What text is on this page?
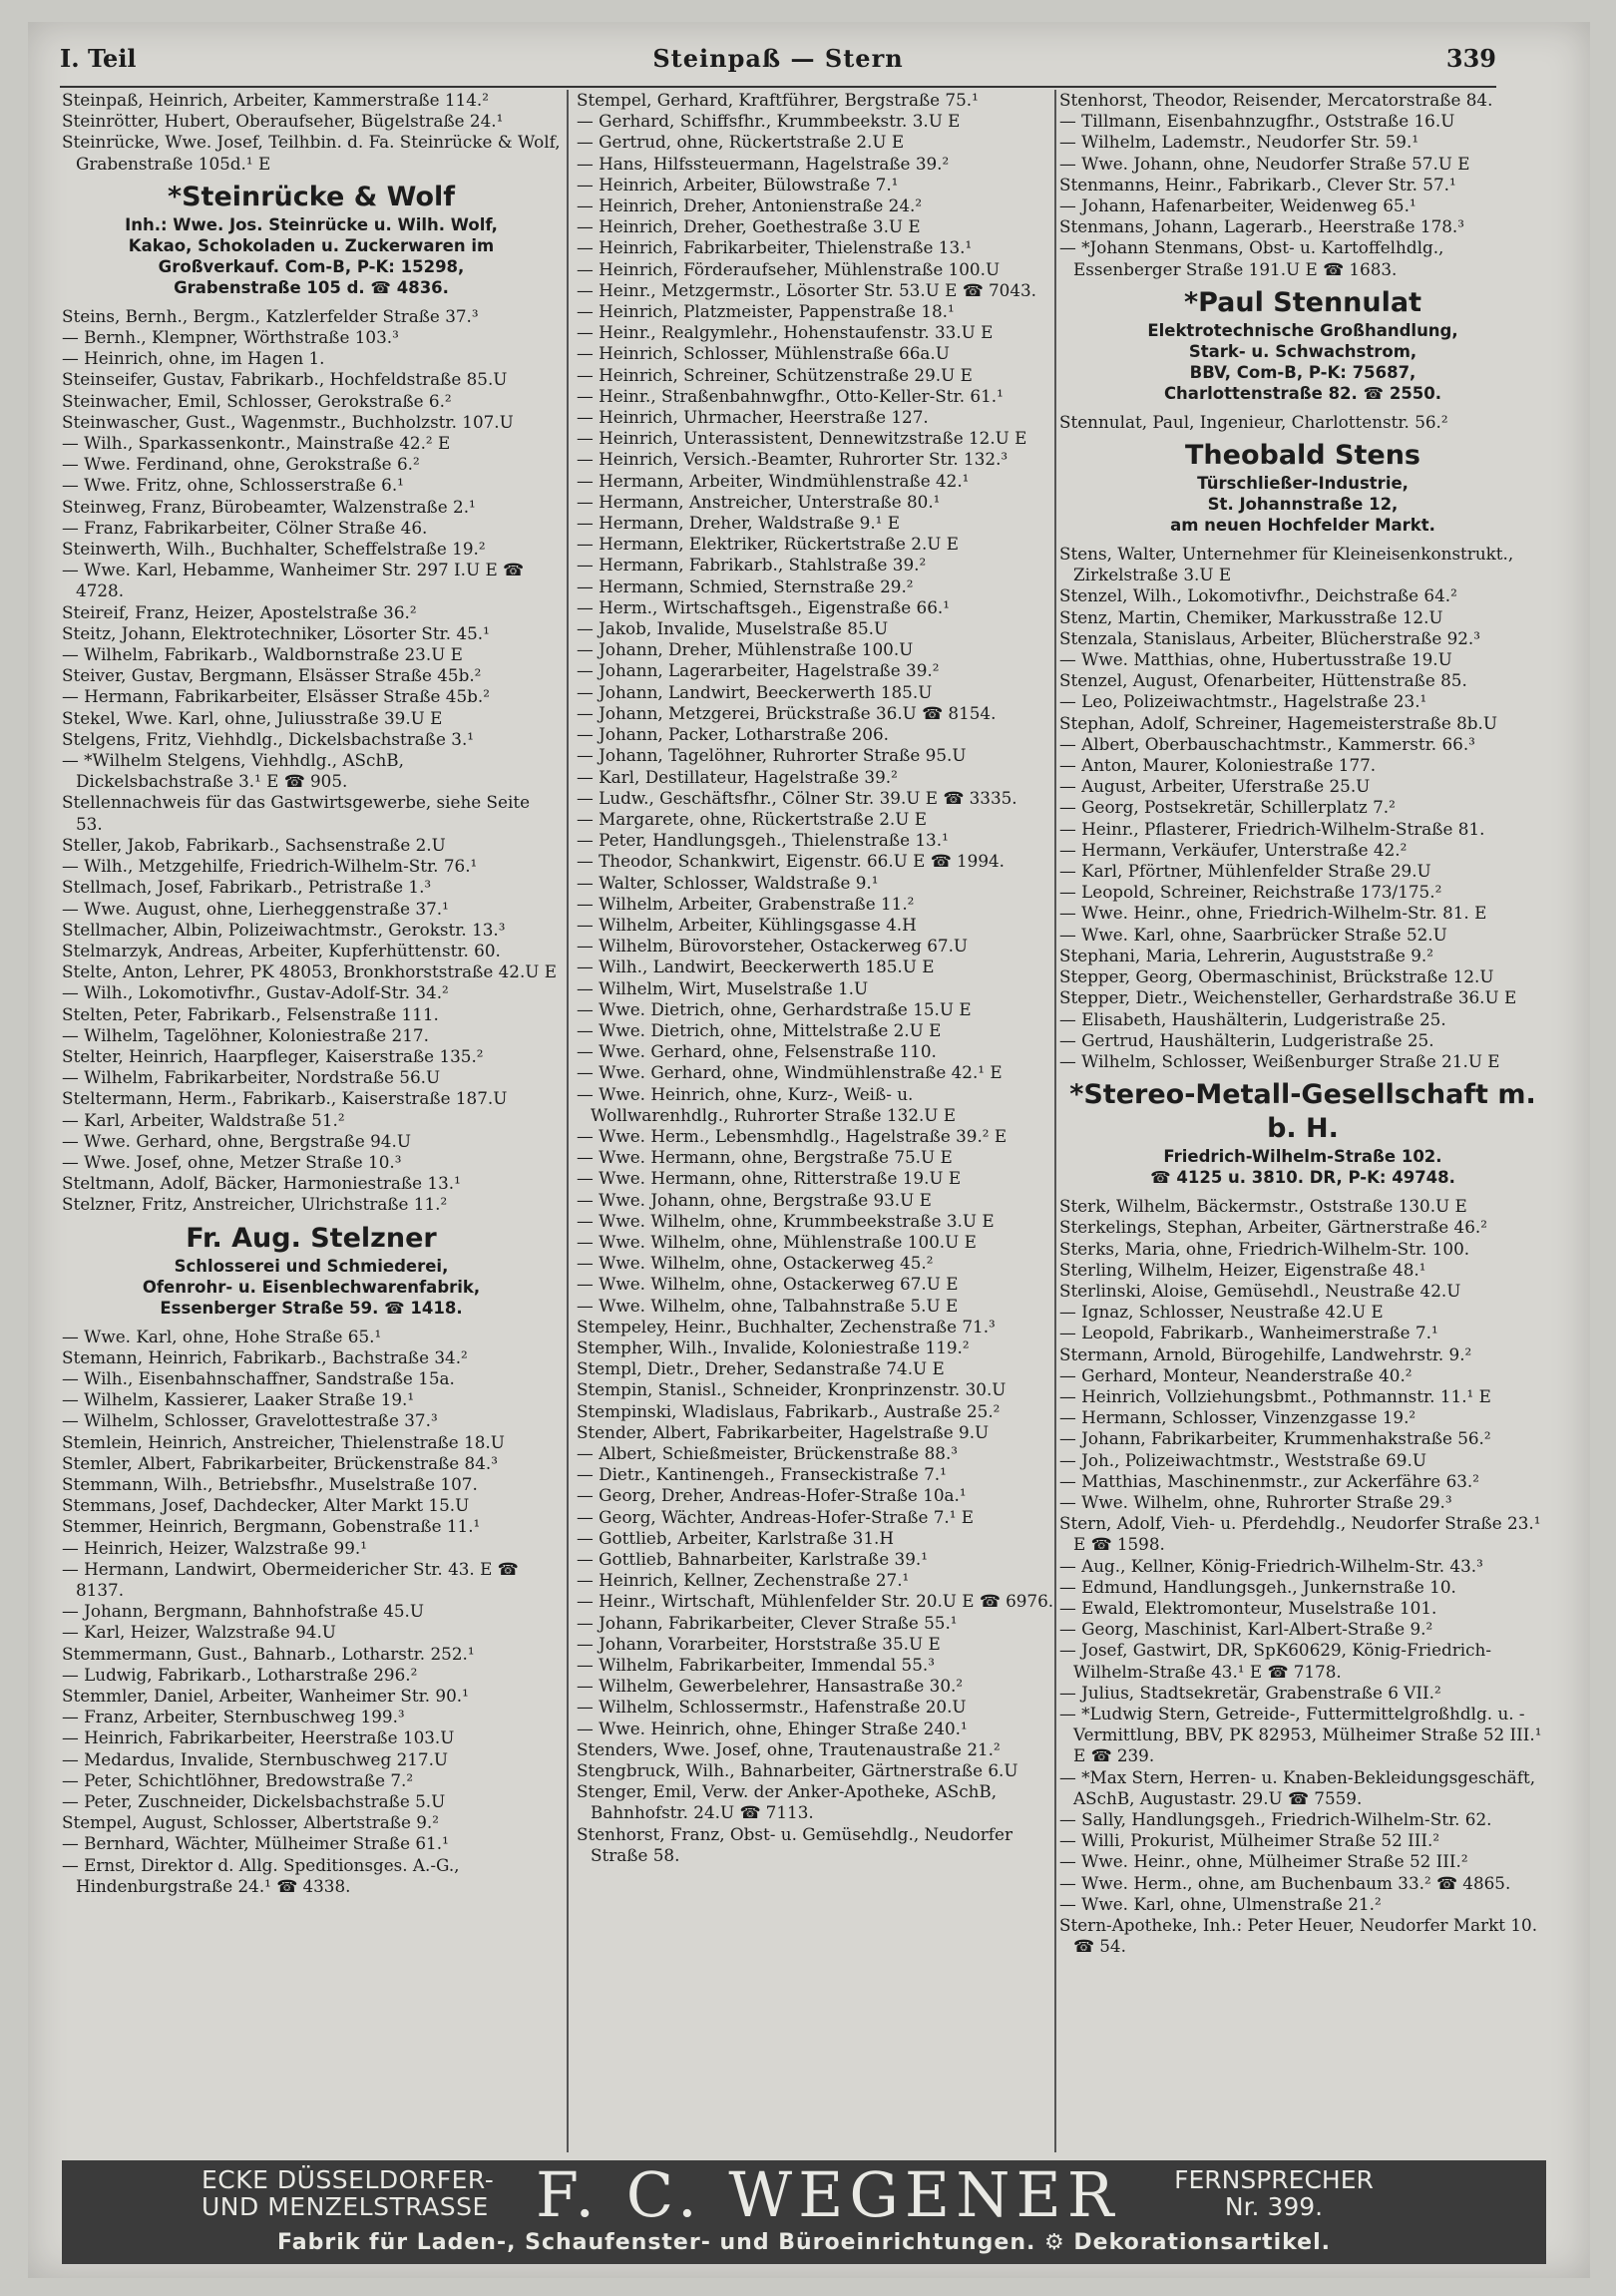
I. Teil	Steinpaß — Stern	339

Steinpaß, Heinrich, Arbeiter, Kammerstraße 114.²

Steinrötter, Hubert, Oberaufseher, Bügelstraße 24.¹

Steinrücke, Wwe. Josef, Teilhbin. d. Fa. Steinrücke & Wolf, Grabenstraße 105d.¹ E

*Steinrücke & Wolf
Inh.: Wwe. Jos. Steinrücke u. Wilh. Wolf,
Kakao, Schokoladen u. Zuckerwaren im
Großverkauf. Com-B, P-K: 15298,
Grabenstraße 105 d. ☎ 4836.

Steins, Bernh., Bergm., Katzlerfelder Straße 37.³

— Bernh., Klempner, Wörthstraße 103.³

— Heinrich, ohne, im Hagen 1.

Steinseifer, Gustav, Fabrikarb., Hochfeldstraße 85.U

Steinwacher, Emil, Schlosser, Gerokstraße 6.²

Steinwascher, Gust., Wagenmstr., Buchholzstr. 107.U

— Wilh., Sparkassenkontr., Mainstraße 42.² E

— Wwe. Ferdinand, ohne, Gerokstraße 6.²

— Wwe. Fritz, ohne, Schlosserstraße 6.¹

Steinweg, Franz, Bürobeamter, Walzenstraße 2.¹

— Franz, Fabrikarbeiter, Cölner Straße 46.

Steinwerth, Wilh., Buchhalter, Scheffelstraße 19.²

— Wwe. Karl, Hebamme, Wanheimer Str. 297 I.U E ☎ 4728.

Steireif, Franz, Heizer, Apostelstraße 36.²

Steitz, Johann, Elektrotechniker, Lösorter Str. 45.¹

— Wilhelm, Fabrikarb., Waldbornstraße 23.U E

Steiver, Gustav, Bergmann, Elsässer Straße 45b.²

— Hermann, Fabrikarbeiter, Elsässer Straße 45b.²

Stekel, Wwe. Karl, ohne, Juliusstraße 39.U E

Stelgens, Fritz, Viehhdlg., Dickelsbachstraße 3.¹

— *Wilhelm Stelgens, Viehhdlg., ASchB, Dickelsbachstraße 3.¹ E ☎ 905.

Stellennachweis für das Gastwirtsgewerbe, siehe Seite 53.

Steller, Jakob, Fabrikarb., Sachsenstraße 2.U

— Wilh., Metzgehilfe, Friedrich-Wilhelm-Str. 76.¹

Stellmach, Josef, Fabrikarb., Petristraße 1.³

— Wwe. August, ohne, Lierheggenstraße 37.¹

Stellmacher, Albin, Polizeiwachtmstr., Gerokstr. 13.³

Stelmarzyk, Andreas, Arbeiter, Kupferhüttenstr. 60.

Stelte, Anton, Lehrer, PK 48053, Bronkhorststraße 42.U E

— Wilh., Lokomotivfhr., Gustav-Adolf-Str. 34.²

Stelten, Peter, Fabrikarb., Felsenstraße 111.

— Wilhelm, Tagelöhner, Koloniestraße 217.

Stelter, Heinrich, Haarpfleger, Kaiserstraße 135.²

— Wilhelm, Fabrikarbeiter, Nordstraße 56.U

Steltermann, Herm., Fabrikarb., Kaiserstraße 187.U

— Karl, Arbeiter, Waldstraße 51.²

— Wwe. Gerhard, ohne, Bergstraße 94.U

— Wwe. Josef, ohne, Metzer Straße 10.³

Steltmann, Adolf, Bäcker, Harmoniestraße 13.¹

Stelzner, Fritz, Anstreicher, Ulrichstraße 11.²

Fr. Aug. Stelzner
Schlosserei und Schmiederei,
Ofenrohr- u. Eisenblechwarenfabrik,
Essenberger Straße 59. ☎ 1418.

— Wwe. Karl, ohne, Hohe Straße 65.¹

Stemann, Heinrich, Fabrikarb., Bachstraße 34.²

— Wilh., Eisenbahnschaffner, Sandstraße 15a.

— Wilhelm, Kassierer, Laaker Straße 19.¹

— Wilhelm, Schlosser, Gravelottestraße 37.³

Stemlein, Heinrich, Anstreicher, Thielenstraße 18.U

Stemler, Albert, Fabrikarbeiter, Brückenstraße 84.³

Stemmann, Wilh., Betriebsfhr., Muselstraße 107.

Stemmans, Josef, Dachdecker, Alter Markt 15.U

Stemmer, Heinrich, Bergmann, Gobenstraße 11.¹

— Heinrich, Heizer, Walzstraße 99.¹

— Hermann, Landwirt, Obermeidericher Str. 43. E ☎ 8137.

— Johann, Bergmann, Bahnhofstraße 45.U

— Karl, Heizer, Walzstraße 94.U

Stemmermann, Gust., Bahnarb., Lotharstr. 252.¹

— Ludwig, Fabrikarb., Lotharstraße 296.²

Stemmler, Daniel, Arbeiter, Wanheimer Str. 90.¹

— Franz, Arbeiter, Sternbuschweg 199.³

— Heinrich, Fabrikarbeiter, Heerstraße 103.U

— Medardus, Invalide, Sternbuschweg 217.U

— Peter, Schichtlöhner, Bredowstraße 7.²

— Peter, Zuschneider, Dickelsbachstraße 5.U

Stempel, August, Schlosser, Albertstraße 9.²

— Bernhard, Wächter, Mülheimer Straße 61.¹

— Ernst, Direktor d. Allg. Speditionsges. A.-G., Hindenburgstraße 24.¹ ☎ 4338.

Stempel, Gerhard, Kraftführer, Bergstraße 75.¹

— Gerhard, Schiffsfhr., Krummbeekstr. 3.U E

— Gertrud, ohne, Rückertstraße 2.U E

— Hans, Hilfssteuermann, Hagelstraße 39.²

— Heinrich, Arbeiter, Bülowstraße 7.¹

— Heinrich, Dreher, Antonienstraße 24.²

— Heinrich, Dreher, Goethestraße 3.U E

— Heinrich, Fabrikarbeiter, Thielenstraße 13.¹

— Heinrich, Förderaufseher, Mühlenstraße 100.U

— Heinr., Metzgermstr., Lösorter Str. 53.U E ☎ 7043.

— Heinrich, Platzmeister, Pappenstraße 18.¹

— Heinr., Realgymlehr., Hohenstaufenstr. 33.U E

— Heinrich, Schlosser, Mühlenstraße 66a.U

— Heinrich, Schreiner, Schützenstraße 29.U E

— Heinr., Straßenbahnwgfhr., Otto-Keller-Str. 61.¹

— Heinrich, Uhrmacher, Heerstraße 127.

— Heinrich, Unterassistent, Dennewitzstraße 12.U E

— Heinrich, Versich.-Beamter, Ruhrorter Str. 132.³

— Hermann, Arbeiter, Windmühlenstraße 42.¹

— Hermann, Anstreicher, Unterstraße 80.¹

— Hermann, Dreher, Waldstraße 9.¹ E

— Hermann, Elektriker, Rückertstraße 2.U E

— Hermann, Fabrikarb., Stahlstraße 39.²

— Hermann, Schmied, Sternstraße 29.²

— Herm., Wirtschaftsgeh., Eigenstraße 66.¹

— Jakob, Invalide, Muselstraße 85.U

— Johann, Dreher, Mühlenstraße 100.U

— Johann, Lagerarbeiter, Hagelstraße 39.²

— Johann, Landwirt, Beeckerwerth 185.U

— Johann, Metzgerei, Brückstraße 36.U ☎ 8154.

— Johann, Packer, Lotharstraße 206.

— Johann, Tagelöhner, Ruhrorter Straße 95.U

— Karl, Destillateur, Hagelstraße 39.²

— Ludw., Geschäftsfhr., Cölner Str. 39.U E ☎ 3335.

— Margarete, ohne, Rückertstraße 2.U E

— Peter, Handlungsgeh., Thielenstraße 13.¹

— Theodor, Schankwirt, Eigenstr. 66.U E ☎ 1994.

— Walter, Schlosser, Waldstraße 9.¹

— Wilhelm, Arbeiter, Grabenstraße 11.²

— Wilhelm, Arbeiter, Kühlingsgasse 4.H

— Wilhelm, Bürovorsteher, Ostackerweg 67.U

— Wilh., Landwirt, Beeckerwerth 185.U E

— Wilhelm, Wirt, Muselstraße 1.U

— Wwe. Dietrich, ohne, Gerhardstraße 15.U E

— Wwe. Dietrich, ohne, Mittelstraße 2.U E

— Wwe. Gerhard, ohne, Felsenstraße 110.

— Wwe. Gerhard, ohne, Windmühlenstraße 42.¹ E

— Wwe. Heinrich, ohne, Kurz-, Weiß- u. Wollwarenhdlg., Ruhrorter Straße 132.U E

— Wwe. Herm., Lebensmhdlg., Hagelstraße 39.² E

— Wwe. Hermann, ohne, Bergstraße 75.U E

— Wwe. Hermann, ohne, Ritterstraße 19.U E

— Wwe. Johann, ohne, Bergstraße 93.U E

— Wwe. Wilhelm, ohne, Krummbeekstraße 3.U E

— Wwe. Wilhelm, ohne, Mühlenstraße 100.U E

— Wwe. Wilhelm, ohne, Ostackerweg 45.²

— Wwe. Wilhelm, ohne, Ostackerweg 67.U E

— Wwe. Wilhelm, ohne, Talbahnstraße 5.U E

Stempeley, Heinr., Buchhalter, Zechenstraße 71.³

Stempher, Wilh., Invalide, Koloniestraße 119.²

Stempl, Dietr., Dreher, Sedanstraße 74.U E

Stempin, Stanisl., Schneider, Kronprinzenstr. 30.U

Stempinski, Wladislaus, Fabrikarb., Austraße 25.²

Stender, Albert, Fabrikarbeiter, Hagelstraße 9.U

— Albert, Schießmeister, Brückenstraße 88.³

— Dietr., Kantinengeh., Franseckistraße 7.¹

— Georg, Dreher, Andreas-Hofer-Straße 10a.¹

— Georg, Wächter, Andreas-Hofer-Straße 7.¹ E

— Gottlieb, Arbeiter, Karlstraße 31.H

— Gottlieb, Bahnarbeiter, Karlstraße 39.¹

— Heinrich, Kellner, Zechenstraße 27.¹

— Heinr., Wirtschaft, Mühlenfelder Str. 20.U E ☎ 6976.

— Johann, Fabrikarbeiter, Clever Straße 55.¹

— Johann, Vorarbeiter, Horststraße 35.U E

— Wilhelm, Fabrikarbeiter, Immendal 55.³

— Wilhelm, Gewerbelehrer, Hansastraße 30.²

— Wilhelm, Schlossermstr., Hafenstraße 20.U

— Wwe. Heinrich, ohne, Ehinger Straße 240.¹

Stenders, Wwe. Josef, ohne, Trautenaustraße 21.²

Stengbruck, Wilh., Bahnarbeiter, Gärtnerstraße 6.U

Stenger, Emil, Verw. der Anker-Apotheke, ASchB, Bahnhofstr. 24.U ☎ 7113.

Stenhorst, Franz, Obst- u. Gemüsehdlg., Neudorfer Straße 58.

Stenhorst, Theodor, Reisender, Mercatorstraße 84.

— Tillmann, Eisenbahnzugfhr., Oststraße 16.U

— Wilhelm, Lademstr., Neudorfer Str. 59.¹

— Wwe. Johann, ohne, Neudorfer Straße 57.U E

Stenmanns, Heinr., Fabrikarb., Clever Str. 57.¹

— Johann, Hafenarbeiter, Weidenweg 65.¹

Stenmans, Johann, Lagerarb., Heerstraße 178.³

— *Johann Stenmans, Obst- u. Kartoffelhdlg., Essenberger Straße 191.U E ☎ 1683.

*Paul Stennulat
Elektrotechnische Großhandlung,
Stark- u. Schwachstrom,
BBV, Com-B, P-K: 75687,
Charlottenstraße 82. ☎ 2550.

Stennulat, Paul, Ingenieur, Charlottenstr. 56.²

Theobald Stens
Türschließer-Industrie,
St. Johannstraße 12,
am neuen Hochfelder Markt.

Stens, Walter, Unternehmer für Kleineisenkonstrukt., Zirkelstraße 3.U E

Stenzel, Wilh., Lokomotivfhr., Deichstraße 64.²

Stenz, Martin, Chemiker, Markusstraße 12.U

Stenzala, Stanislaus, Arbeiter, Blücherstraße 92.³

— Wwe. Matthias, ohne, Hubertusstraße 19.U

Stenzel, August, Ofenarbeiter, Hüttenstraße 85.

— Leo, Polizeiwachtmstr., Hagelstraße 23.¹

Stephan, Adolf, Schreiner, Hagemeisterstraße 8b.U

— Albert, Oberbauschachtmstr., Kammerstr. 66.³

— Anton, Maurer, Koloniestraße 177.

— August, Arbeiter, Uferstraße 25.U

— Georg, Postsekretär, Schillerplatz 7.²

— Heinr., Pflasterer, Friedrich-Wilhelm-Straße 81.

— Hermann, Verkäufer, Unterstraße 42.²

— Karl, Pförtner, Mühlenfelder Straße 29.U

— Leopold, Schreiner, Reichstraße 173/175.²

— Wwe. Heinr., ohne, Friedrich-Wilhelm-Str. 81. E

— Wwe. Karl, ohne, Saarbrücker Straße 52.U

Stephani, Maria, Lehrerin, Auguststraße 9.²

Stepper, Georg, Obermaschinist, Brückstraße 12.U

Stepper, Dietr., Weichensteller, Gerhardstraße 36.U E

— Elisabeth, Haushälterin, Ludgeristraße 25.

— Gertrud, Haushälterin, Ludgeristraße 25.

— Wilhelm, Schlosser, Weißenburger Straße 21.U E

*Stereo-Metall-Gesellschaft m. b. H.
Friedrich-Wilhelm-Straße 102.
☎ 4125 u. 3810. DR, P-K: 49748.

Sterk, Wilhelm, Bäckermstr., Oststraße 130.U E

Sterkelings, Stephan, Arbeiter, Gärtnerstraße 46.²

Sterks, Maria, ohne, Friedrich-Wilhelm-Str. 100.

Sterling, Wilhelm, Heizer, Eigenstraße 48.¹

Sterlinski, Aloise, Gemüsehdl., Neustraße 42.U

— Ignaz, Schlosser, Neustraße 42.U E

— Leopold, Fabrikarb., Wanheimerstraße 7.¹

Stermann, Arnold, Bürogehilfe, Landwehrstr. 9.²

— Gerhard, Monteur, Neanderstraße 40.²

— Heinrich, Vollziehungsbmt., Pothmannstr. 11.¹ E

— Hermann, Schlosser, Vinzenzgasse 19.²

— Johann, Fabrikarbeiter, Krummenhakstraße 56.²

— Joh., Polizeiwachtmstr., Weststraße 69.U

— Matthias, Maschinenmstr., zur Ackerfähre 63.²

— Wwe. Wilhelm, ohne, Ruhrorter Straße 29.³

Stern, Adolf, Vieh- u. Pferdehdlg., Neudorfer Straße 23.¹ E ☎ 1598.

— Aug., Kellner, König-Friedrich-Wilhelm-Str. 43.³

— Edmund, Handlungsgeh., Junkernstraße 10.

— Ewald, Elektromonteur, Muselstraße 101.

— Georg, Maschinist, Karl-Albert-Straße 9.²

— Josef, Gastwirt, DR, SpK60629, König-Friedrich-Wilhelm-Straße 43.¹ E ☎ 7178.

— Julius, Stadtsekretär, Grabenstraße 6 VII.²

— *Ludwig Stern, Getreide-, Futtermittelgroßhdlg. u. -Vermittlung, BBV, PK 82953, Mülheimer Straße 52 III.¹ E ☎ 239.

— *Max Stern, Herren- u. Knaben-Bekleidungsgeschäft, ASchB, Augustastr. 29.U ☎ 7559.

— Sally, Handlungsgeh., Friedrich-Wilhelm-Str. 62.

— Willi, Prokurist, Mülheimer Straße 52 III.²

— Wwe. Heinr., ohne, Mülheimer Straße 52 III.²

— Wwe. Herm., ohne, am Buchenbaum 33.² ☎ 4865.

— Wwe. Karl, ohne, Ulmenstraße 21.²

Stern-Apotheke, Inh.: Peter Heuer, Neudorfer Markt 10. ☎ 54.

ECKE DÜSSELDORFER-
UND MENZELSTRASSE F. C. WEGENER	FERNSPRECHER
Nr. 399.
Fabrik für Laden-, Schaufenster- und Büroeinrichtungen. ⚙ Dekorationsartikel.
